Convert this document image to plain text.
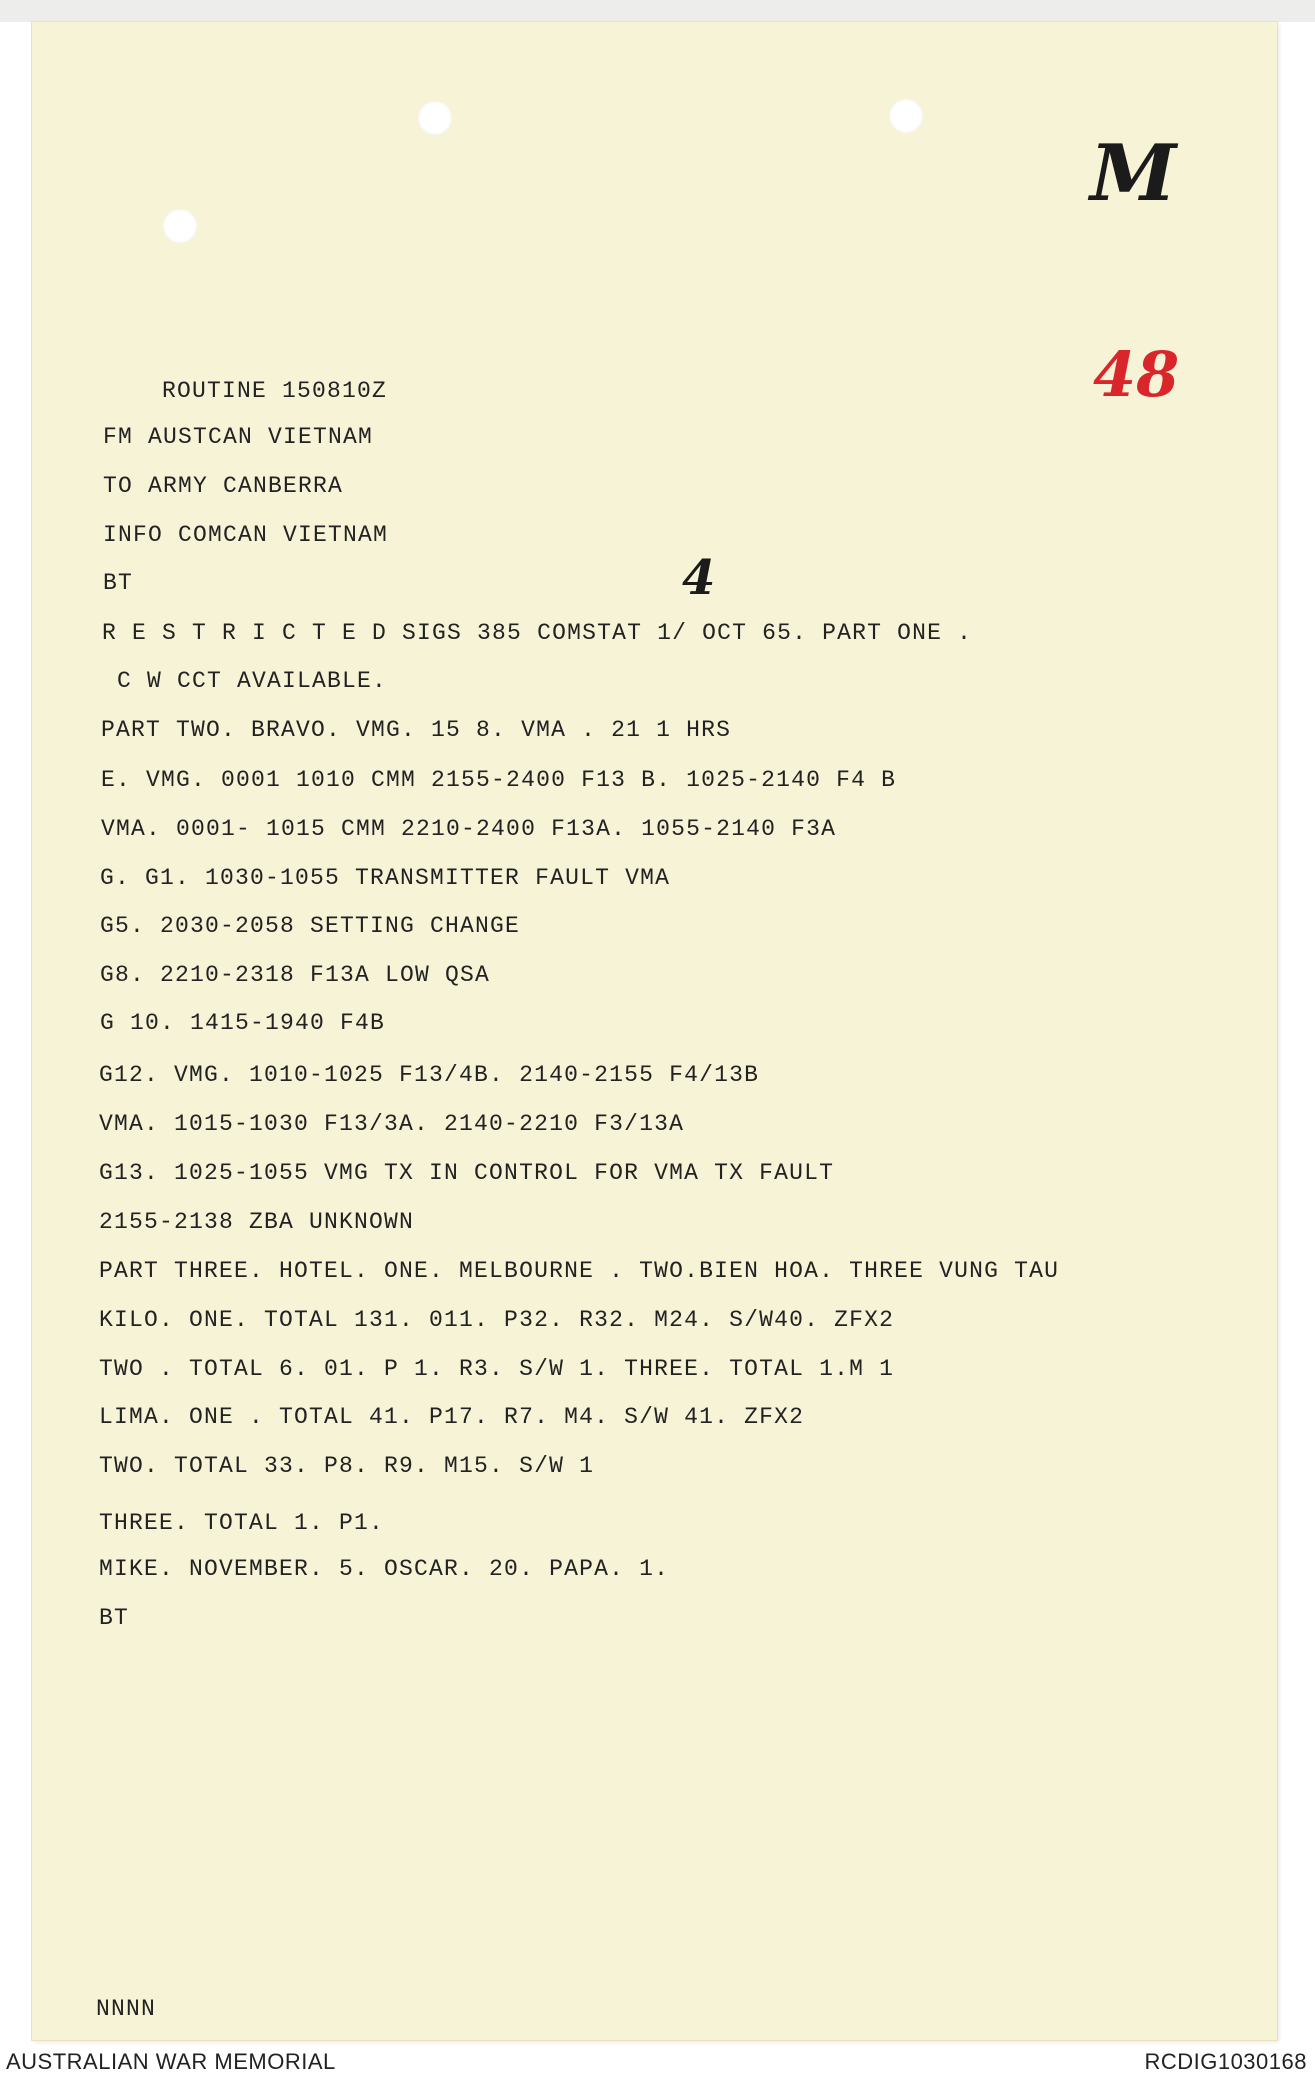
M
48
4
ROUTINE 150810Z
FM AUSTCAN VIETNAM
TO ARMY CANBERRA
INFO COMCAN VIETNAM
BT
R E S T R I C T E D SIGS 385 COMSTAT 1/ OCT 65. PART ONE .
C W CCT AVAILABLE.
PART TWO. BRAVO. VMG. 15 8. VMA . 21 1 HRS
E. VMG. 0001 1010 CMM 2155-2400 F13 B. 1025-2140 F4 B
VMA. 0001- 1015 CMM 2210-2400 F13A. 1055-2140 F3A
G. G1. 1030-1055 TRANSMITTER FAULT VMA
G5. 2030-2058 SETTING CHANGE
G8. 2210-2318 F13A LOW QSA
G 10. 1415-1940 F4B
G12. VMG. 1010-1025 F13/4B. 2140-2155 F4/13B
VMA. 1015-1030 F13/3A. 2140-2210 F3/13A
G13. 1025-1055 VMG TX IN CONTROL FOR VMA TX FAULT
2155-2138 ZBA UNKNOWN
PART THREE. HOTEL. ONE. MELBOURNE . TWO.BIEN HOA. THREE VUNG TAU
KILO. ONE. TOTAL 131. 011. P32. R32. M24. S/W40. ZFX2
TWO . TOTAL 6. 01. P 1. R3. S/W 1. THREE. TOTAL 1.M 1
LIMA. ONE . TOTAL 41. P17. R7. M4. S/W 41. ZFX2
TWO. TOTAL 33. P8. R9. M15. S/W 1
THREE. TOTAL 1. P1.
MIKE. NOVEMBER. 5. OSCAR. 20. PAPA. 1.
BT
NNNN
AUSTRALIAN WAR MEMORIAL	RCDIG1030168
